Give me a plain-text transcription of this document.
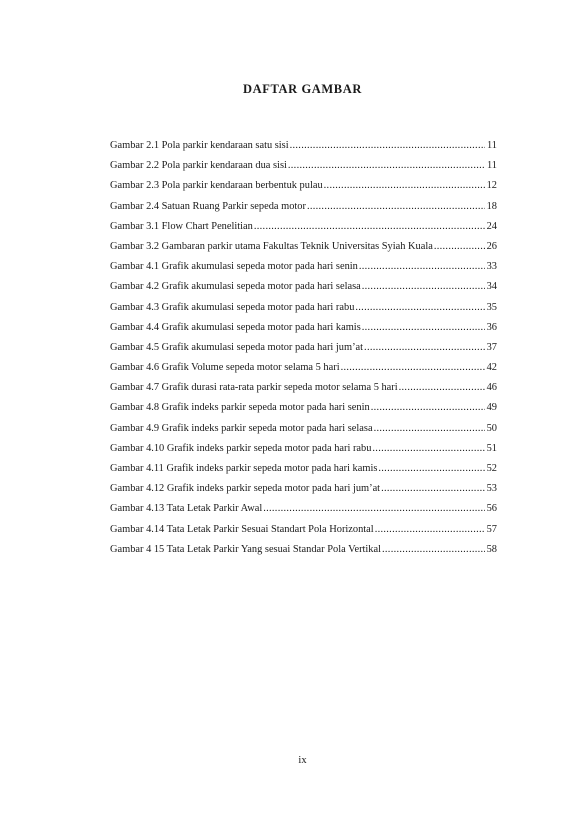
DAFTAR GAMBAR
Gambar 2.1 Pola parkir kendaraan satu sisi .....	11
Gambar 2.2 Pola parkir kendaraan dua sisi .....	11
Gambar 2.3 Pola parkir kendaraan berbentuk pulau .....	12
Gambar 2.4 Satuan Ruang Parkir sepeda motor .....	18
Gambar 3.1 Flow Chart Penelitian .....	24
Gambar 3.2 Gambaran parkir utama Fakultas Teknik Universitas Syiah Kuala .....	26
Gambar 4.1 Grafik akumulasi sepeda motor pada hari senin .....	33
Gambar 4.2 Grafik akumulasi sepeda motor pada hari selasa .....	34
Gambar 4.3 Grafik akumulasi sepeda motor pada hari rabu .....	35
Gambar 4.4 Grafik akumulasi sepeda motor pada hari kamis .....	36
Gambar 4.5 Grafik akumulasi sepeda motor pada hari jum’at .....	37
Gambar 4.6 Grafik Volume sepeda motor selama 5 hari .....	42
Gambar 4.7 Grafik durasi rata-rata parkir sepeda motor selama 5 hari .....	46
Gambar 4.8 Grafik indeks parkir sepeda motor pada hari senin .....	49
Gambar 4.9 Grafik indeks parkir sepeda motor pada hari selasa .....	50
Gambar 4.10 Grafik indeks parkir sepeda motor pada hari rabu .....	51
Gambar 4.11 Grafik indeks parkir sepeda motor pada hari kamis .....	52
Gambar 4.12 Grafik indeks parkir sepeda motor pada hari jum’at .....	53
Gambar 4.13 Tata Letak Parkir Awal .....	56
Gambar 4.14 Tata Letak Parkir Sesuai Standart Pola Horizontal .....	57
Gambar 4 15 Tata Letak Parkir Yang sesuai Standar Pola Vertikal .....	58
ix
